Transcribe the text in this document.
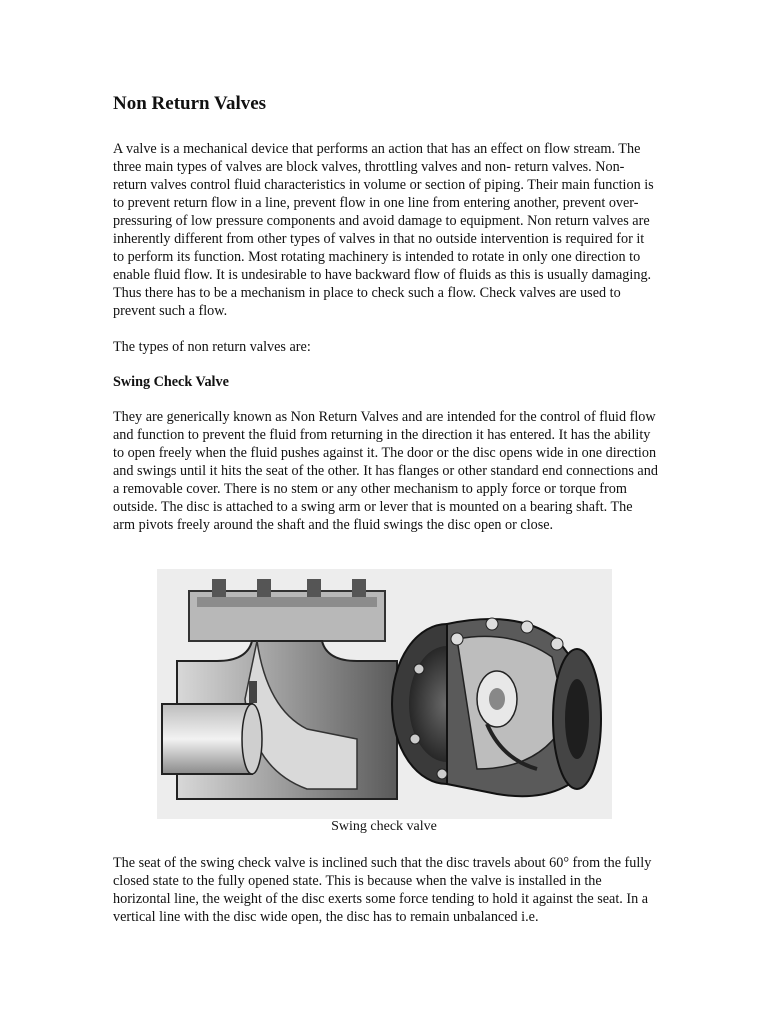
Non Return Valves

A valve is a mechanical device that performs an action that has an effect on flow stream. The three main types of valves are block valves, throttling valves and non- return valves. Non-return valves control fluid characteristics in volume or section of piping. Their main function is to prevent return flow in a line, prevent flow in one line from entering another, prevent over-pressuring of low pressure components and avoid damage to equipment. Non return valves are inherently different from other types of valves in that no outside intervention is required for it to perform its function. Most rotating machinery is intended to rotate in only one direction to enable fluid flow. It is undesirable to have backward flow of fluids as this is usually damaging. Thus there has to be a mechanism in place to check such a flow. Check valves are used to prevent such a flow.

The types of non return valves are:

Swing Check Valve

They are generically known as Non Return Valves and are intended for the control of fluid flow and function to prevent the fluid from returning in the direction it has entered. It has the ability to open freely when the fluid pushes against it. The door or the disc opens wide in one direction and swings until it hits the seat of the other. It has flanges or other standard end connections and a removable cover. There is no stem or any other mechanism to apply force or torque from outside. The disc is attached to a swing arm or lever that is mounted on a bearing shaft. The arm pivots freely around the shaft and the fluid swings the disc open or close.

Swing check valve

The seat of the swing check valve is inclined such that the disc travels about 60° from the fully closed state to the fully opened state. This is because when the valve is installed in the horizontal line, the weight of the disc exerts some force tending to hold it against the seat. In a vertical line with the disc wide open, the disc has to remain unbalanced i.e.
